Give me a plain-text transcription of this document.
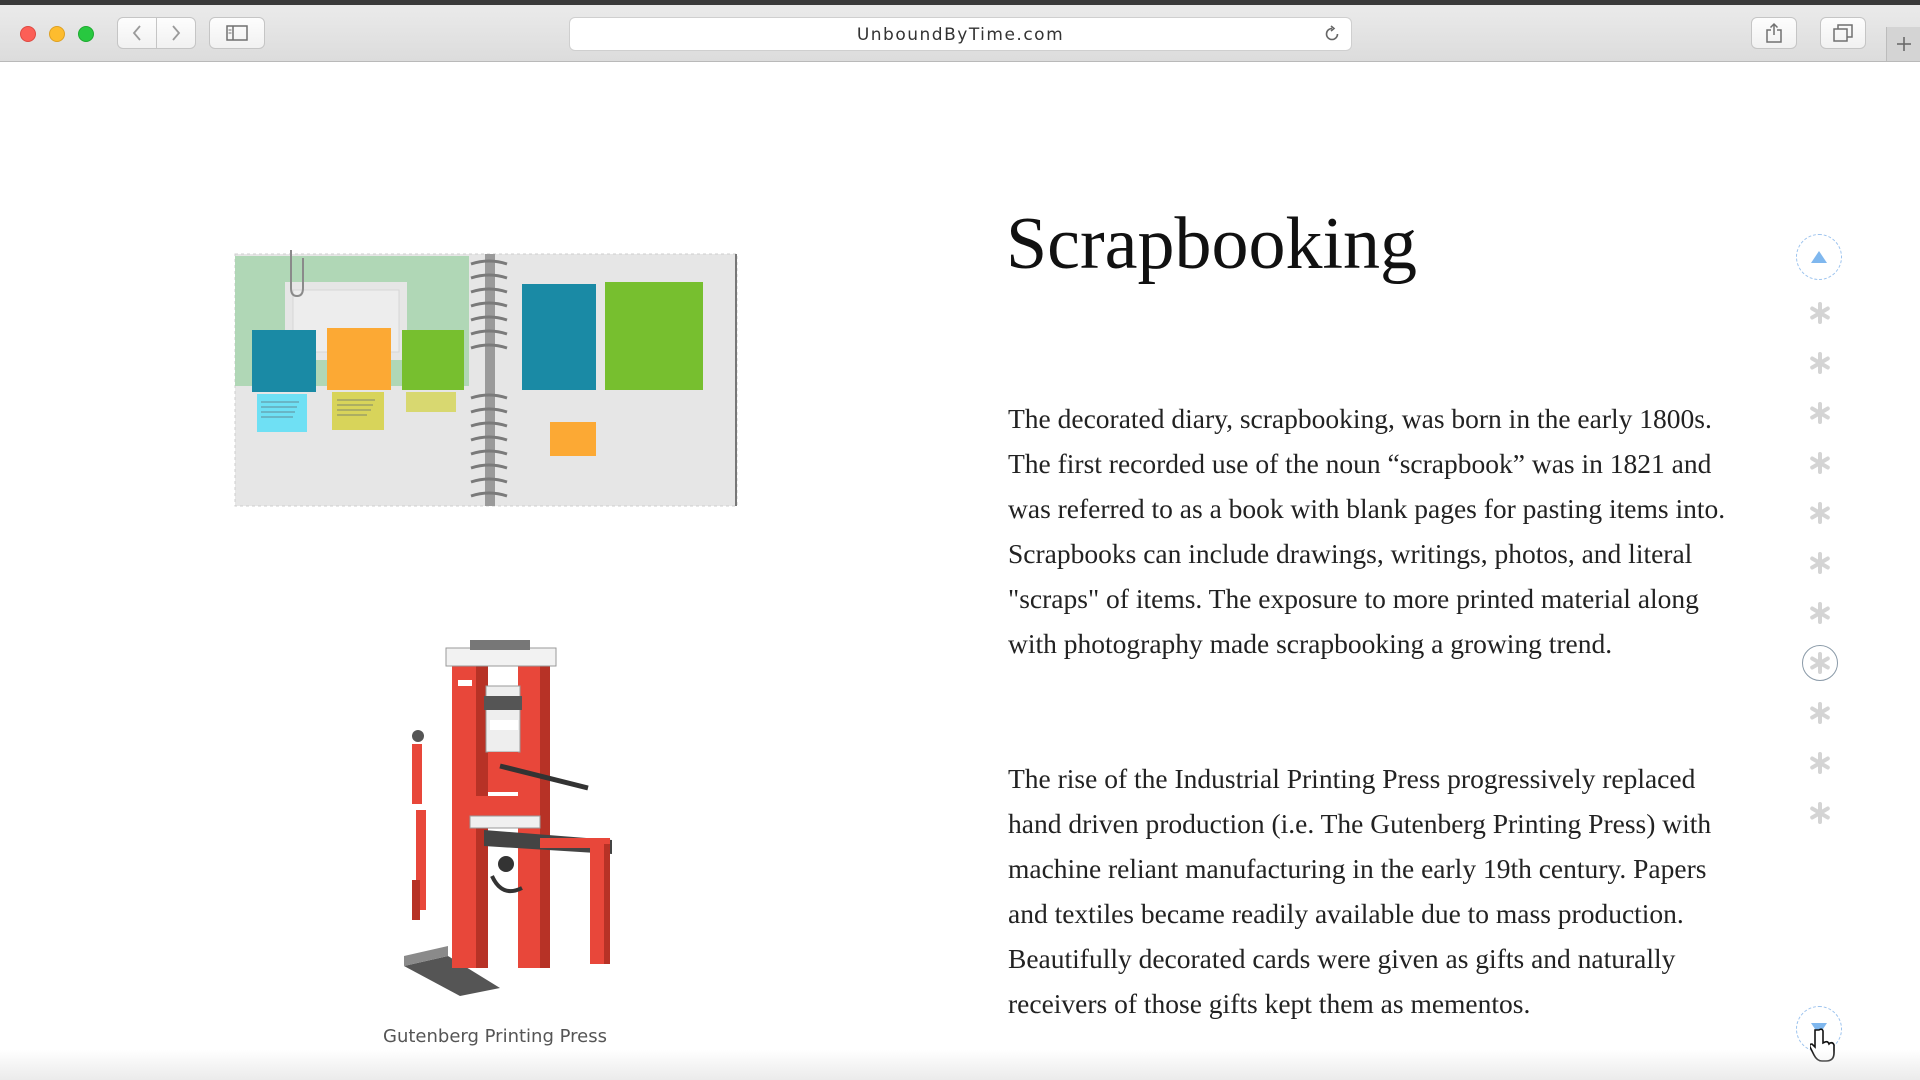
UnboundByTime.com
Gutenberg Printing Press
Scrapbooking

The decorated diary, scrapbooking, was born in the early 1800s. The first recorded use of the noun “scrapbook” was in 1821 and was referred to as a book with blank pages for pasting items into. Scrapbooks can include drawings, writings, photos, and literal "scraps" of items. The exposure to more printed material along with photography made scrapbooking a growing trend.

The rise of the Industrial Printing Press progressively replaced hand driven production (i.e. The Gutenberg Printing Press) with machine reliant manufacturing in the early 19th century. Papers and textiles became readily available due to mass production. Beautifully decorated cards were given as gifts and naturally receivers of those gifts kept them as mementos.
